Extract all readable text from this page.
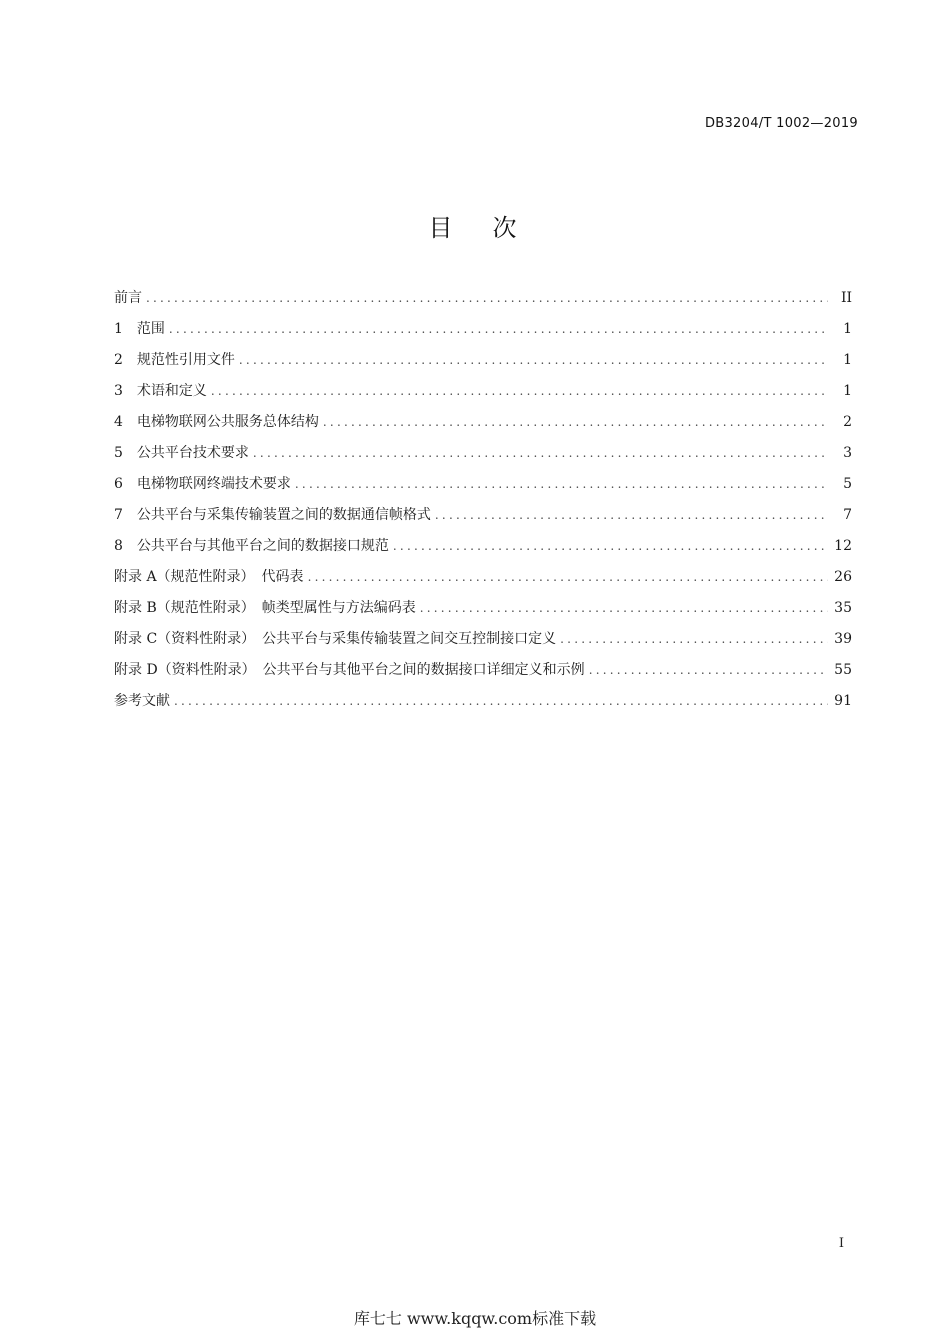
DB3204/T 1002—2019
目次
前言 .....	II
1 范围 .....	1
2 规范性引用文件 .....	1
3 术语和定义 .....	1
4 电梯物联网公共服务总体结构 .....	2
5 公共平台技术要求 .....	3
6 电梯物联网终端技术要求 .....	5
7 公共平台与采集传输装置之间的数据通信帧格式 .....	7
8 公共平台与其他平台之间的数据接口规范 .....	12
附录 A（规范性附录）　代码表 .....	26
附录 B（规范性附录）　帧类型属性与方法编码表 .....	35
附录 C（资料性附录）　公共平台与采集传输装置之间交互控制接口定义 .....	39
附录 D（资料性附录）　公共平台与其他平台之间的数据接口详细定义和示例 .....	55
参考文献 .....	91
I
库七七 www.kqqw.com标准下载
